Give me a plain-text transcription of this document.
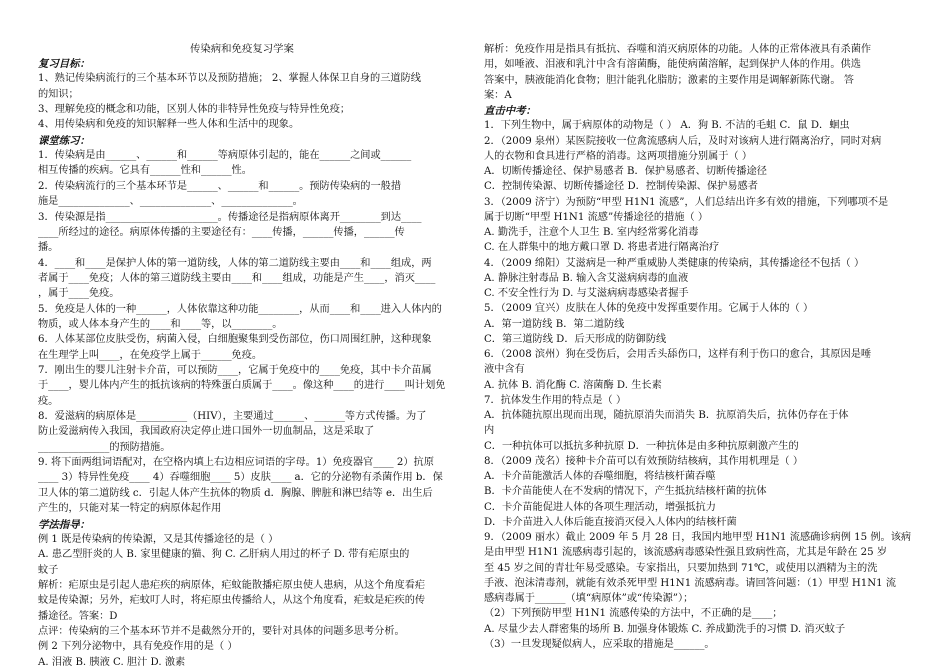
传染病和免疫复习学案
复习目标：
1、熟记传染病流行的三个基本环节以及预防措施； 2、掌握人体保卫自身的三道防线
的知识；
3、理解免疫的概念和功能，区别人体的非特异性免疫与特异性免疫；
4、用传染病和免疫的知识解释一些人体和生活中的现象。
课堂练习：
1．传染病是由______、______和______等病原体引起的，能在______之间或______
相互传播的疾病。它具有______性和______性。
2．传染病流行的三个基本环节是______、______和______。预防传染病的一般措
施是______________、______________、______________。
3．传染源是指______________________。传播途径是指病原体离开________到达____
____所经过的途径。病原体传播的主要途径有：____传播，______传播，______传
播。
4．____和____是保护人体的第一道防线，人体的第二道防线主要由____和____组成，两
者属于____免疫；人体的第三道防线主要由____和____组成，功能是产生____，消灭____
，属于____免疫。
5．免疫是人体的一种______，人体依靠这种功能________，从而____和____进入人体内的
物质，或人体本身产生的____和____等，以________。
6．人体某部位皮肤受伤，病菌入侵，白细胞聚集到受伤部位，伤口周围红肿，这种现象
在生理学上叫____，在免疫学上属于______免疫。
7．刚出生的婴儿注射卡介苗，可以预防____，它属于免疫中的____免疫，其中卡介苗属
于____，婴儿体内产生的抵抗该病的特殊蛋白质属于____。像这种____的进行____叫计划免
疫。
8．爱滋病的病原体是__________（HIV），主要通过______、______等方式传播。为了
防止爱滋病传入我国，我国政府决定停止进口国外一切血制品，这是采取了
______________的预防措施。
9. 将下面两组词语配对，在空格内填上右边相应词语的字母。1）免疫器官____ 2）抗原
____ 3）特异性免疫____ 4）吞噬细胞____ 5）皮肤____ a．它的分泌物有杀菌作用 b．保
卫人体的第二道防线 c．引起人体产生抗体的物质 d．胸腺、脾脏和淋巴结等 e．出生后
产生的，只能对某一特定的病原体起作用
学法指导：
例 1 既是传染病的传染源，又是其传播途径的是（ ）
A. 患乙型肝炎的人 B. 家里健康的猫、狗 C. 乙肝病人用过的杯子 D. 带有疟原虫的
蚊子
解析：疟原虫是引起人患疟疾的病原体，疟蚊能散播疟原虫使人患病，从这个角度看疟
蚊是传染源；另外，疟蚊叮人时，将疟原虫传播给人，从这个角度看，疟蚊是疟疾的传
播途径。答案：D
点评：传染病的三个基本环节并不是截然分开的，要针对具体的问题多思考分析。
例 2 下列分泌物中，具有免疫作用的是（ ）
A. 泪液 B. 胰液 C. 胆汁 D. 激素
解析：免疫作用是指具有抵抗、吞噬和消灭病原体的功能。人体的正常体液具有杀菌作
用，如唾液、泪液和乳汁中含有溶菌酶，能使病菌溶解，起到保护人体的作用。供选
答案中，胰液能消化食物；胆汁能乳化脂肪；激素的主要作用是调解新陈代谢。 答
案：A
直击中考：
1．下列生物中，属于病原体的动物是（ ） A．狗 B. 不洁的毛蛆 C．鼠 D．蛔虫
2．（2009 泉州）某医院接收一位禽流感病人后，及时对该病人进行隔离治疗，同时对病
人的衣物和食具进行严格的消毒。这两项措施分别属于（ ）
A．切断传播途径、保护易感者 B．保护易感者、切断传播途径
C．控制传染源、切断传播途径 D．控制传染源、保护易感者
3．（2009 济宁）为预防“甲型 H1N1 流感”，人们总结出许多有效的措施，下列哪项不是
属于切断“甲型 H1N1 流感”传播途径的措施（ ）
A. 勤洗手，注意个人卫生 B. 室内经常雾化消毒
C. 在人群集中的地方戴口罩 D. 将患者进行隔离治疗
4．（2009 绵阳）艾滋病是一种严重威胁人类健康的传染病，其传播途径不包括（ ）
A. 静脉注射毒品 B. 输入含艾滋病病毒的血液
C. 不安全性行为 D. 与艾滋病病毒感染者握手
5．（2009 宜兴）皮肤在人体的免疫中发挥重要作用。它属于人体的（ ）
A．第一道防线 B．第二道防线
C．第三道防线 D．后天形成的防御防线
6．（2008 滨州）狗在受伤后，会用舌头舔伤口，这样有利于伤口的愈合，其原因是唾
液中含有
A. 抗体 B. 消化酶 C. 溶菌酶 D. 生长素
7．抗体发生作用的特点是（ ）
A．抗体随抗原出现而出现，随抗原消失而消失 B．抗原消失后，抗体仍存在于体
内
C．一种抗体可以抵抗多种抗原 D．一种抗体是由多种抗原刺激产生的
8．（2009 茂名）接种卡介苗可以有效预防结核病，其作用机理是（ ）
A．卡介苗能激活人体的吞噬细胞，将结核杆菌吞噬
B．卡介苗能使人在不发病的情况下，产生抵抗结核杆菌的抗体
C．卡介苗能促进人体的各项生理活动，增强抵抗力
D．卡介苗进入人体后能直接消灭侵入人体内的结核杆菌
9．（2009 丽水）截止 2009 年 5 月 28 日，我国内地甲型 H1N1 流感确诊病例 15 例。该病
是由甲型 H1N1 流感病毒引起的，该流感病毒感染性强且致病性高，尤其是年龄在 25 岁
至 45 岁之间的青壮年易受感染。专家指出，只要加热到 71℃，或使用以酒精为主的洗
手液、泡沫清毒剂，就能有效杀死甲型 H1N1 流感病毒。请回答问题：（1）甲型 H1N1 流
感病毒属于______（填“病原体”或“传染源”）；
（2）下列预防甲型 H1N1 流感传染的方法中，不正确的是____；
A. 尽量少去人群密集的场所 B. 加强身体锻炼 C. 养成勤洗手的习惯 D. 消灭蚊子
（3）一旦发现疑似病人，应采取的措施是______。
